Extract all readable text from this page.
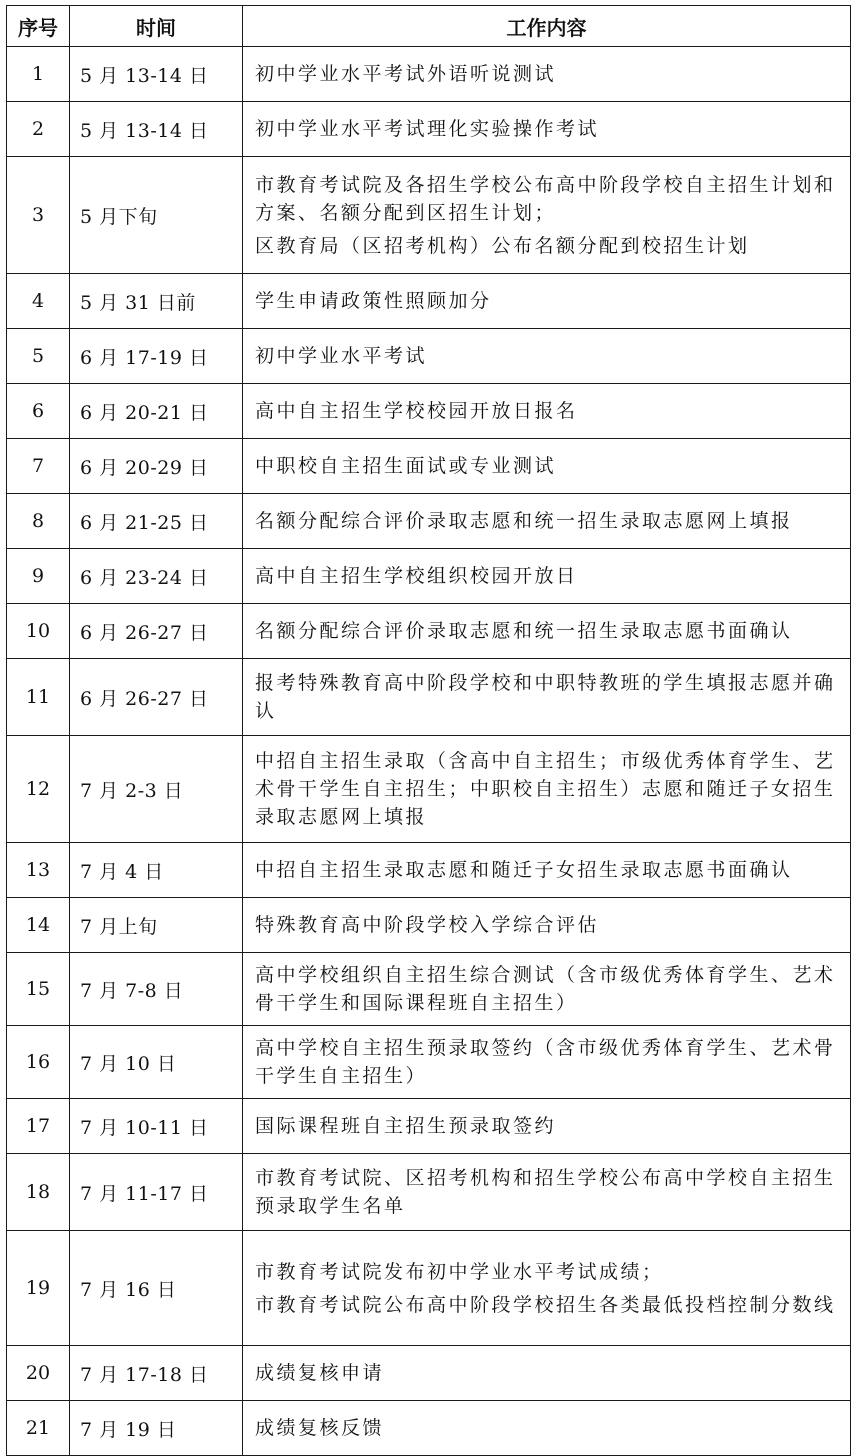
序号	时间	工作内容
1	5 月 13-14 日	初中学业水平考试外语听说测试

2	5 月 13-14 日	初中学业水平考试理化实验操作考试

3	5 月下旬	市教育考试院及各招生学校公布高中阶段学校自主招生计划和方案、名额分配到区招生计划；
区教育局（区招考机构）公布名额分配到校招生计划

4	5 月 31 日前	学生申请政策性照顾加分

5	6 月 17-19 日	初中学业水平考试

6	6 月 20-21 日	高中自主招生学校校园开放日报名

7	6 月 20-29 日	中职校自主招生面试或专业测试

8	6 月 21-25 日	名额分配综合评价录取志愿和统一招生录取志愿网上填报

9	6 月 23-24 日	高中自主招生学校组织校园开放日

10	6 月 26-27 日	名额分配综合评价录取志愿和统一招生录取志愿书面确认

11	6 月 26-27 日	报考特殊教育高中阶段学校和中职特教班的学生填报志愿并确认

12	7 月 2-3 日	中招自主招生录取（含高中自主招生；市级优秀体育学生、艺术骨干学生自主招生；中职校自主招生）志愿和随迁子女招生录取志愿网上填报

13	7 月 4 日	中招自主招生录取志愿和随迁子女招生录取志愿书面确认

14	7 月上旬	特殊教育高中阶段学校入学综合评估

15	7 月 7-8 日	高中学校组织自主招生综合测试（含市级优秀体育学生、艺术骨干学生和国际课程班自主招生）

16	7 月 10 日	高中学校自主招生预录取签约（含市级优秀体育学生、艺术骨干学生自主招生）

17	7 月 10-11 日	国际课程班自主招生预录取签约

18	7 月 11-17 日	市教育考试院、区招考机构和招生学校公布高中学校自主招生预录取学生名单

19	7 月 16 日	市教育考试院发布初中学业水平考试成绩；
市教育考试院公布高中阶段学校招生各类最低投档控制分数线

20	7 月 17-18 日	成绩复核申请

21	7 月 19 日	成绩复核反馈
